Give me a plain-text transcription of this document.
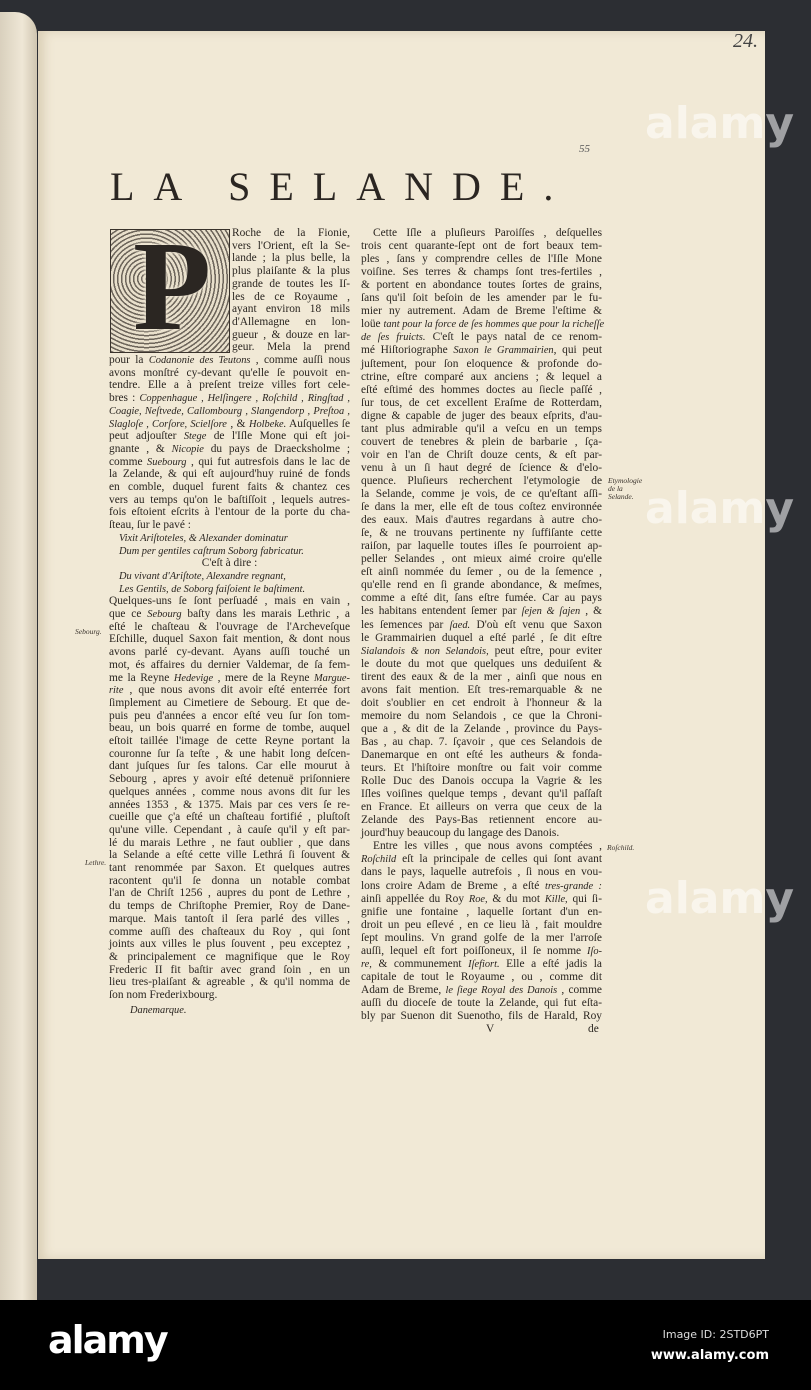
24.
55
LA SELANDE.
P Roche de la Fionie,
vers l'Orient, eſt la Se-
lande ; la plus belle, la
plus plaiſante & la plus
grande de toutes les Iſ-
les de ce Royaume ,
ayant environ 18 mils
d'Allemagne en lon-
gueur , & douze en lar-
geur. Mela la prend
pour la Codanonie des Teutons , comme auſſi nous
avons monſtré cy-devant qu'elle ſe pouvoit en-
tendre. Elle a à preſent treize villes fort cele-
bres : Coppenhague , Helſingere , Roſchild , Ringſtad ,
Coagie, Neſtvede, Callombourg , Slangendorp , Preſtoa ,
Slagloſe , Corſore, Scielſore , & Holbeke. Auſquelles ſe
peut adjouſter Stege de l'Iſle Mone qui eſt joi-
gnante , & Nicopie du pays de Draecksholme ;
comme Suebourg , qui fut autresfois dans le lac de
la Zelande, & qui eſt aujourd'huy ruiné de fonds
en comble, duquel furent faits & chantez ces
vers au temps qu'on le baſtiſſoit , lequels autres-
fois eſtoient eſcrits à l'entour de la porte du cha-
ſteau, ſur le pavé :
Vixit Ariſtoteles, & Alexander dominatur
Dum per gentiles caſtrum Soborg fabricatur.
C'eſt à dire :
Du vivant d'Ariſtote, Alexandre regnant,
Les Gentils, de Soborg faiſoient le baſtiment.
Quelques-uns ſe ſont perſuadé , mais en vain ,
que ce Sebourg baſty dans les marais Lethric , a
eſté le chaſteau & l'ouvrage de l'Archeveſque
Eſchille, duquel Saxon fait mention, & dont nous
avons parlé cy-devant. Ayans auſſi touché un
mot, és affaires du dernier Valdemar, de ſa fem-
me la Reyne Hedevige , mere de la Reyne Margue-
rite , que nous avons dit avoir eſté enterrée fort
ſimplement au Cimetiere de Sebourg. Et que de-
puis peu d'années a encor eſté veu ſur ſon tom-
beau, un bois quarré en forme de tombe, auquel
eſtoit taillée l'image de cette Reyne portant la
couronne ſur ſa teſte , & une habit long deſcen-
dant juſques ſur ſes talons. Car elle mourut à
Sebourg , apres y avoir eſté detenuë priſonniere
quelques années , comme nous avons dit ſur les
années 1353 , & 1375. Mais par ces vers ſe re-
cueille que ç'a eſté un chaſteau fortifié , pluſtoſt
qu'une ville. Cependant , à cauſe qu'il y eſt par-
lé du marais Lethre , ne faut oublier , que dans
la Selande a eſté cette ville Lethrá ſi ſouvent &
tant renommée par Saxon. Et quelques autres
racontent qu'il ſe donna un notable combat
l'an de Chriſt 1256 , aupres du pont de Lethre ,
du temps de Chriſtophe Premier, Roy de Dane-
marque. Mais tantoſt il ſera parlé des villes ,
comme auſſi des chaſteaux du Roy , qui ſont
joints aux villes le plus ſouvent , peu exceptez ,
& principalement ce magnifique que le Roy
Frederic II fit baſtir avec grand ſoin , en un
lieu tres-plaiſant & agreable , & qu'il nomma de
ſon nom Frederixbourg.
Danemarque.
Cette Iſle a pluſieurs Paroiſſes , deſquelles
trois cent quarante-ſept ont de fort beaux tem-
ples , ſans y comprendre celles de l'Iſle Mone
voiſine. Ses terres & champs ſont tres-fertiles ,
& portent en abondance toutes ſortes de grains,
ſans qu'il ſoit beſoin de les amender par le fu-
mier ny autrement. Adam de Breme l'eſtime &
loüe tant pour la force de ſes hommes que pour la richeſſe
de ſes fruicts. C'eſt le pays natal de ce renom-
mé Hiſtoriographe Saxon le Grammairien, qui peut
juſtement, pour ſon eloquence & profonde do-
ctrine, eſtre comparé aux anciens ; & lequel a
eſté eſtimé des hommes doctes au ſiecle paſſé ,
ſur tous, de cet excellent Eraſme de Rotterdam,
digne & capable de juger des beaux eſprits, d'au-
tant plus admirable qu'il a veſcu en un temps
couvert de tenebres & plein de barbarie , ſça-
voir en l'an de Chriſt douze cents, & eſt par-
venu à un ſi haut degré de ſcience & d'elo-
quence. Pluſieurs recherchent l'etymologie de
la Selande, comme je vois, de ce qu'eſtant aſſi-
ſe dans la mer, elle eſt de tous coſtez environnée
des eaux. Mais d'autres regardans à autre cho-
ſe, & ne trouvans pertinente ny ſuffiſante cette
raiſon, par laquelle toutes iſles ſe pourroient ap-
peller Selandes , ont mieux aimé croire qu'elle
eſt ainſi nommée du ſemer , ou de la ſemence ,
qu'elle rend en ſi grande abondance, & meſmes,
comme a eſté dit, ſans eſtre fumée. Car au pays
les habitans entendent ſemer par ſejen & ſajen , &
les ſemences par ſaed. D'où eſt venu que Saxon
le Grammairien duquel a eſté parlé , ſe dit eſtre
Sialandois & non Selandois, peut eſtre, pour eviter
le doute du mot que quelques uns deduiſent &
tirent des eaux & de la mer , ainſi que nous en
avons fait mention. Eſt tres-remarquable & ne
doit s'oublier en cet endroit à l'honneur & la
memoire du nom Selandois , ce que la Chroni-
que a , & dit de la Zelande , province du Pays-
Bas , au chap. 7. ſçavoir , que ces Selandois de
Danemarque en ont eſté les autheurs & fonda-
teurs. Et l'hiſtoire monſtre ou fait voir comme
Rolle Duc des Danois occupa la Vagrie & les
Iſles voiſines quelque temps , devant qu'il paſſaſt
en France. Et ailleurs on verra que ceux de la
Zelande des Pays-Bas retiennent encore au-
jourd'huy beaucoup du langage des Danois.
Entre les villes , que nous avons comptées ,
Roſchild eſt la principale de celles qui ſont avant
dans le pays, laquelle autrefois , ſi nous en vou-
lons croire Adam de Breme , a eſté tres-grande :
ainſi appellée du Roy Roe, & du mot Kille, qui ſi-
gnifie une fontaine , laquelle ſortant d'un en-
droit un peu eſlevé , en ce lieu là , fait mouldre
ſept moulins. Vn grand golfe de la mer l'arroſe
auſſi, lequel eſt fort poiſſoneux, il ſe nomme Iſo-
re, & communement Iſefiort. Elle a eſté jadis la
capitale de tout le Royaume , ou , comme dit
Adam de Breme, le ſiege Royal des Danois , comme
auſſi du dioceſe de toute la Zelande, qui fut eſta-
bly par Suenon dit Suenotho, fils de Harald, Roy
V	de
Sebourg.
Lethre.
Etymologie de la Selande.
Roſchild.
alamy
alamy
alamy
alamy	Image ID: 2STD6PT
www.alamy.com
